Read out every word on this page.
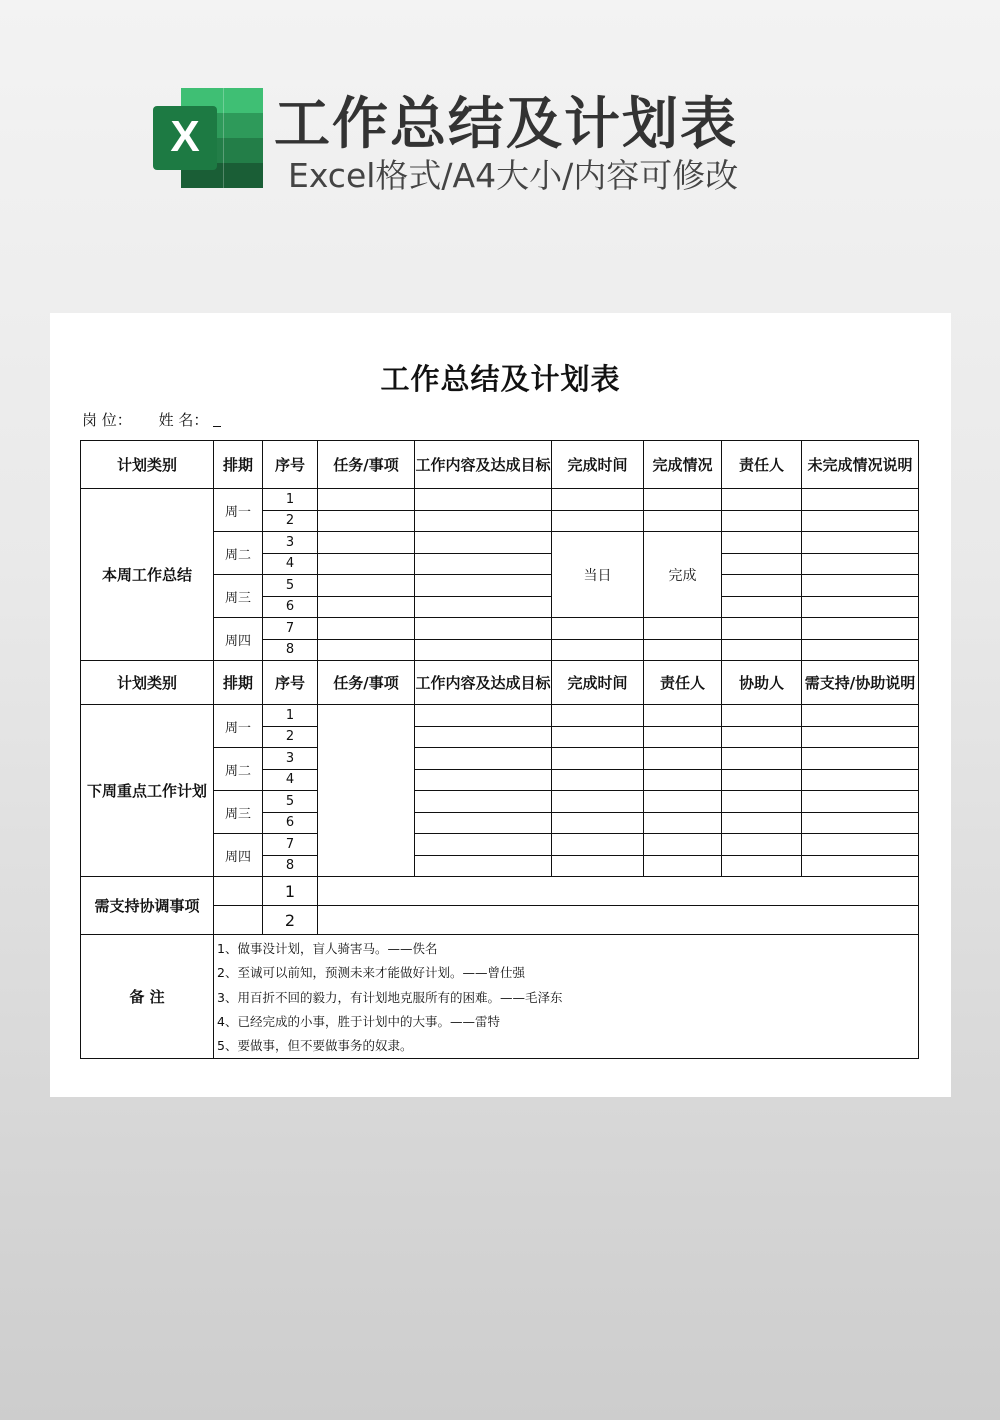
X 工作总结及计划表
Excel格式/A4大小/内容可修改
工作总结及计划表
岗 位： 姓 名：
计划类别	排期	序号	任务/事项	工作内容及达成目标	完成时间	完成情况	责任人	未完成情况说明
本周工作总结	周一	1						
		2						
	周二	3			当日	完成		
		4						
	周三	5						
		6						
	周四	7						
		8						
计划类别	排期	序号	任务/事项	工作内容及达成目标	完成时间	责任人	协助人	需支持/协助说明
下周重点工作计划	周一	1						
		2						
	周二	3						
		4						
	周三	5						
		6						
	周四	7						
		8						
需支持协调事项		1						
		2						
备 注	1、做事没计划，盲人骑害马。——佚名
2、至诚可以前知，预测未来才能做好计划。——曾仕强
3、用百折不回的毅力，有计划地克服所有的困难。——毛泽东
4、已经完成的小事，胜于计划中的大事。——雷特
5、要做事，但不要做事务的奴隶。							
